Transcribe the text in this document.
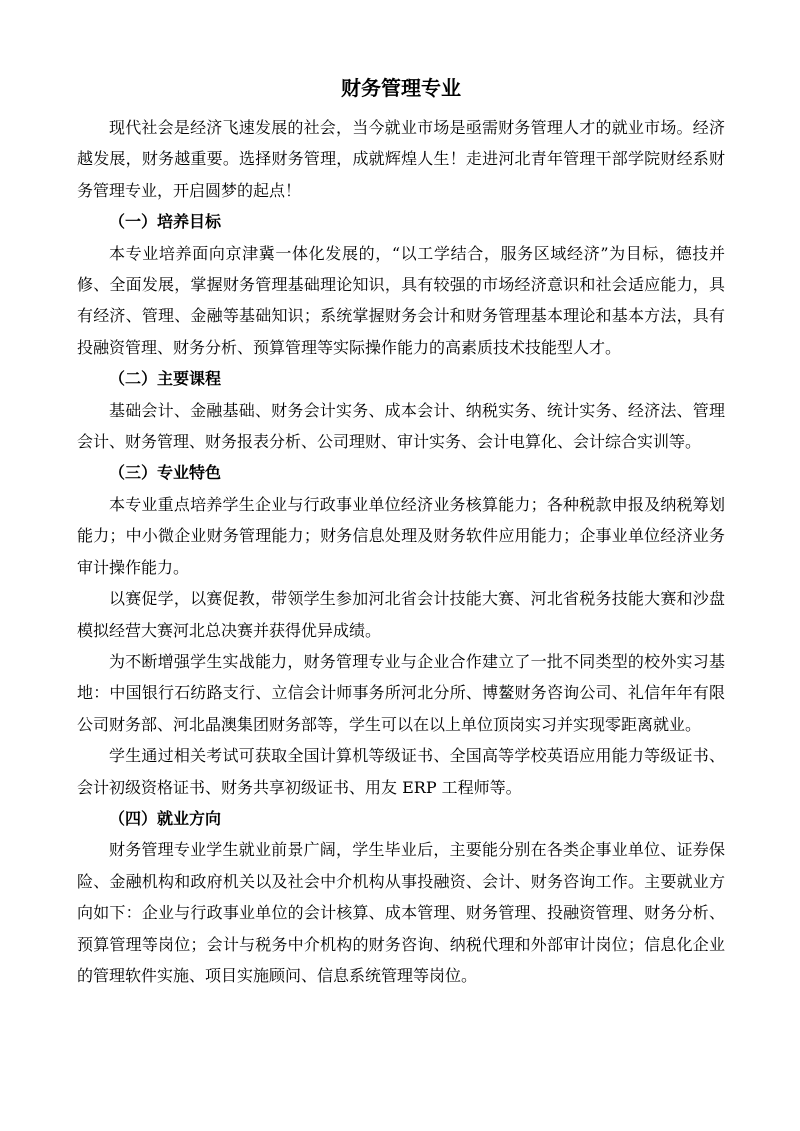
财务管理专业

现代社会是经济飞速发展的社会，当今就业市场是亟需财务管理人才的就业市场。经济越发展，财务越重要。选择财务管理，成就辉煌人生！走进河北青年管理干部学院财经系财务管理专业，开启圆梦的起点！

（一）培养目标

本专业培养面向京津冀一体化发展的，“以工学结合，服务区域经济”为目标，德技并修、全面发展，掌握财务管理基础理论知识，具有较强的市场经济意识和社会适应能力，具有经济、管理、金融等基础知识；系统掌握财务会计和财务管理基本理论和基本方法，具有投融资管理、财务分析、预算管理等实际操作能力的高素质技术技能型人才。

（二）主要课程

基础会计、金融基础、财务会计实务、成本会计、纳税实务、统计实务、经济法、管理会计、财务管理、财务报表分析、公司理财、审计实务、会计电算化、会计综合实训等。

（三）专业特色

本专业重点培养学生企业与行政事业单位经济业务核算能力；各种税款申报及纳税筹划能力；中小微企业财务管理能力；财务信息处理及财务软件应用能力；企事业单位经济业务审计操作能力。

以赛促学，以赛促教，带领学生参加河北省会计技能大赛、河北省税务技能大赛和沙盘模拟经营大赛河北总决赛并获得优异成绩。

为不断增强学生实战能力，财务管理专业与企业合作建立了一批不同类型的校外实习基地：中国银行石纺路支行、立信会计师事务所河北分所、博鳌财务咨询公司、礼信年年有限公司财务部、河北晶澳集团财务部等，学生可以在以上单位顶岗实习并实现零距离就业。

学生通过相关考试可获取全国计算机等级证书、全国高等学校英语应用能力等级证书、会计初级资格证书、财务共享初级证书、用友 ERP 工程师等。

（四）就业方向

财务管理专业学生就业前景广阔，学生毕业后，主要能分别在各类企事业单位、证券保险、金融机构和政府机关以及社会中介机构从事投融资、会计、财务咨询工作。主要就业方向如下：企业与行政事业单位的会计核算、成本管理、财务管理、投融资管理、财务分析、预算管理等岗位；会计与税务中介机构的财务咨询、纳税代理和外部审计岗位；信息化企业的管理软件实施、项目实施顾问、信息系统管理等岗位。
